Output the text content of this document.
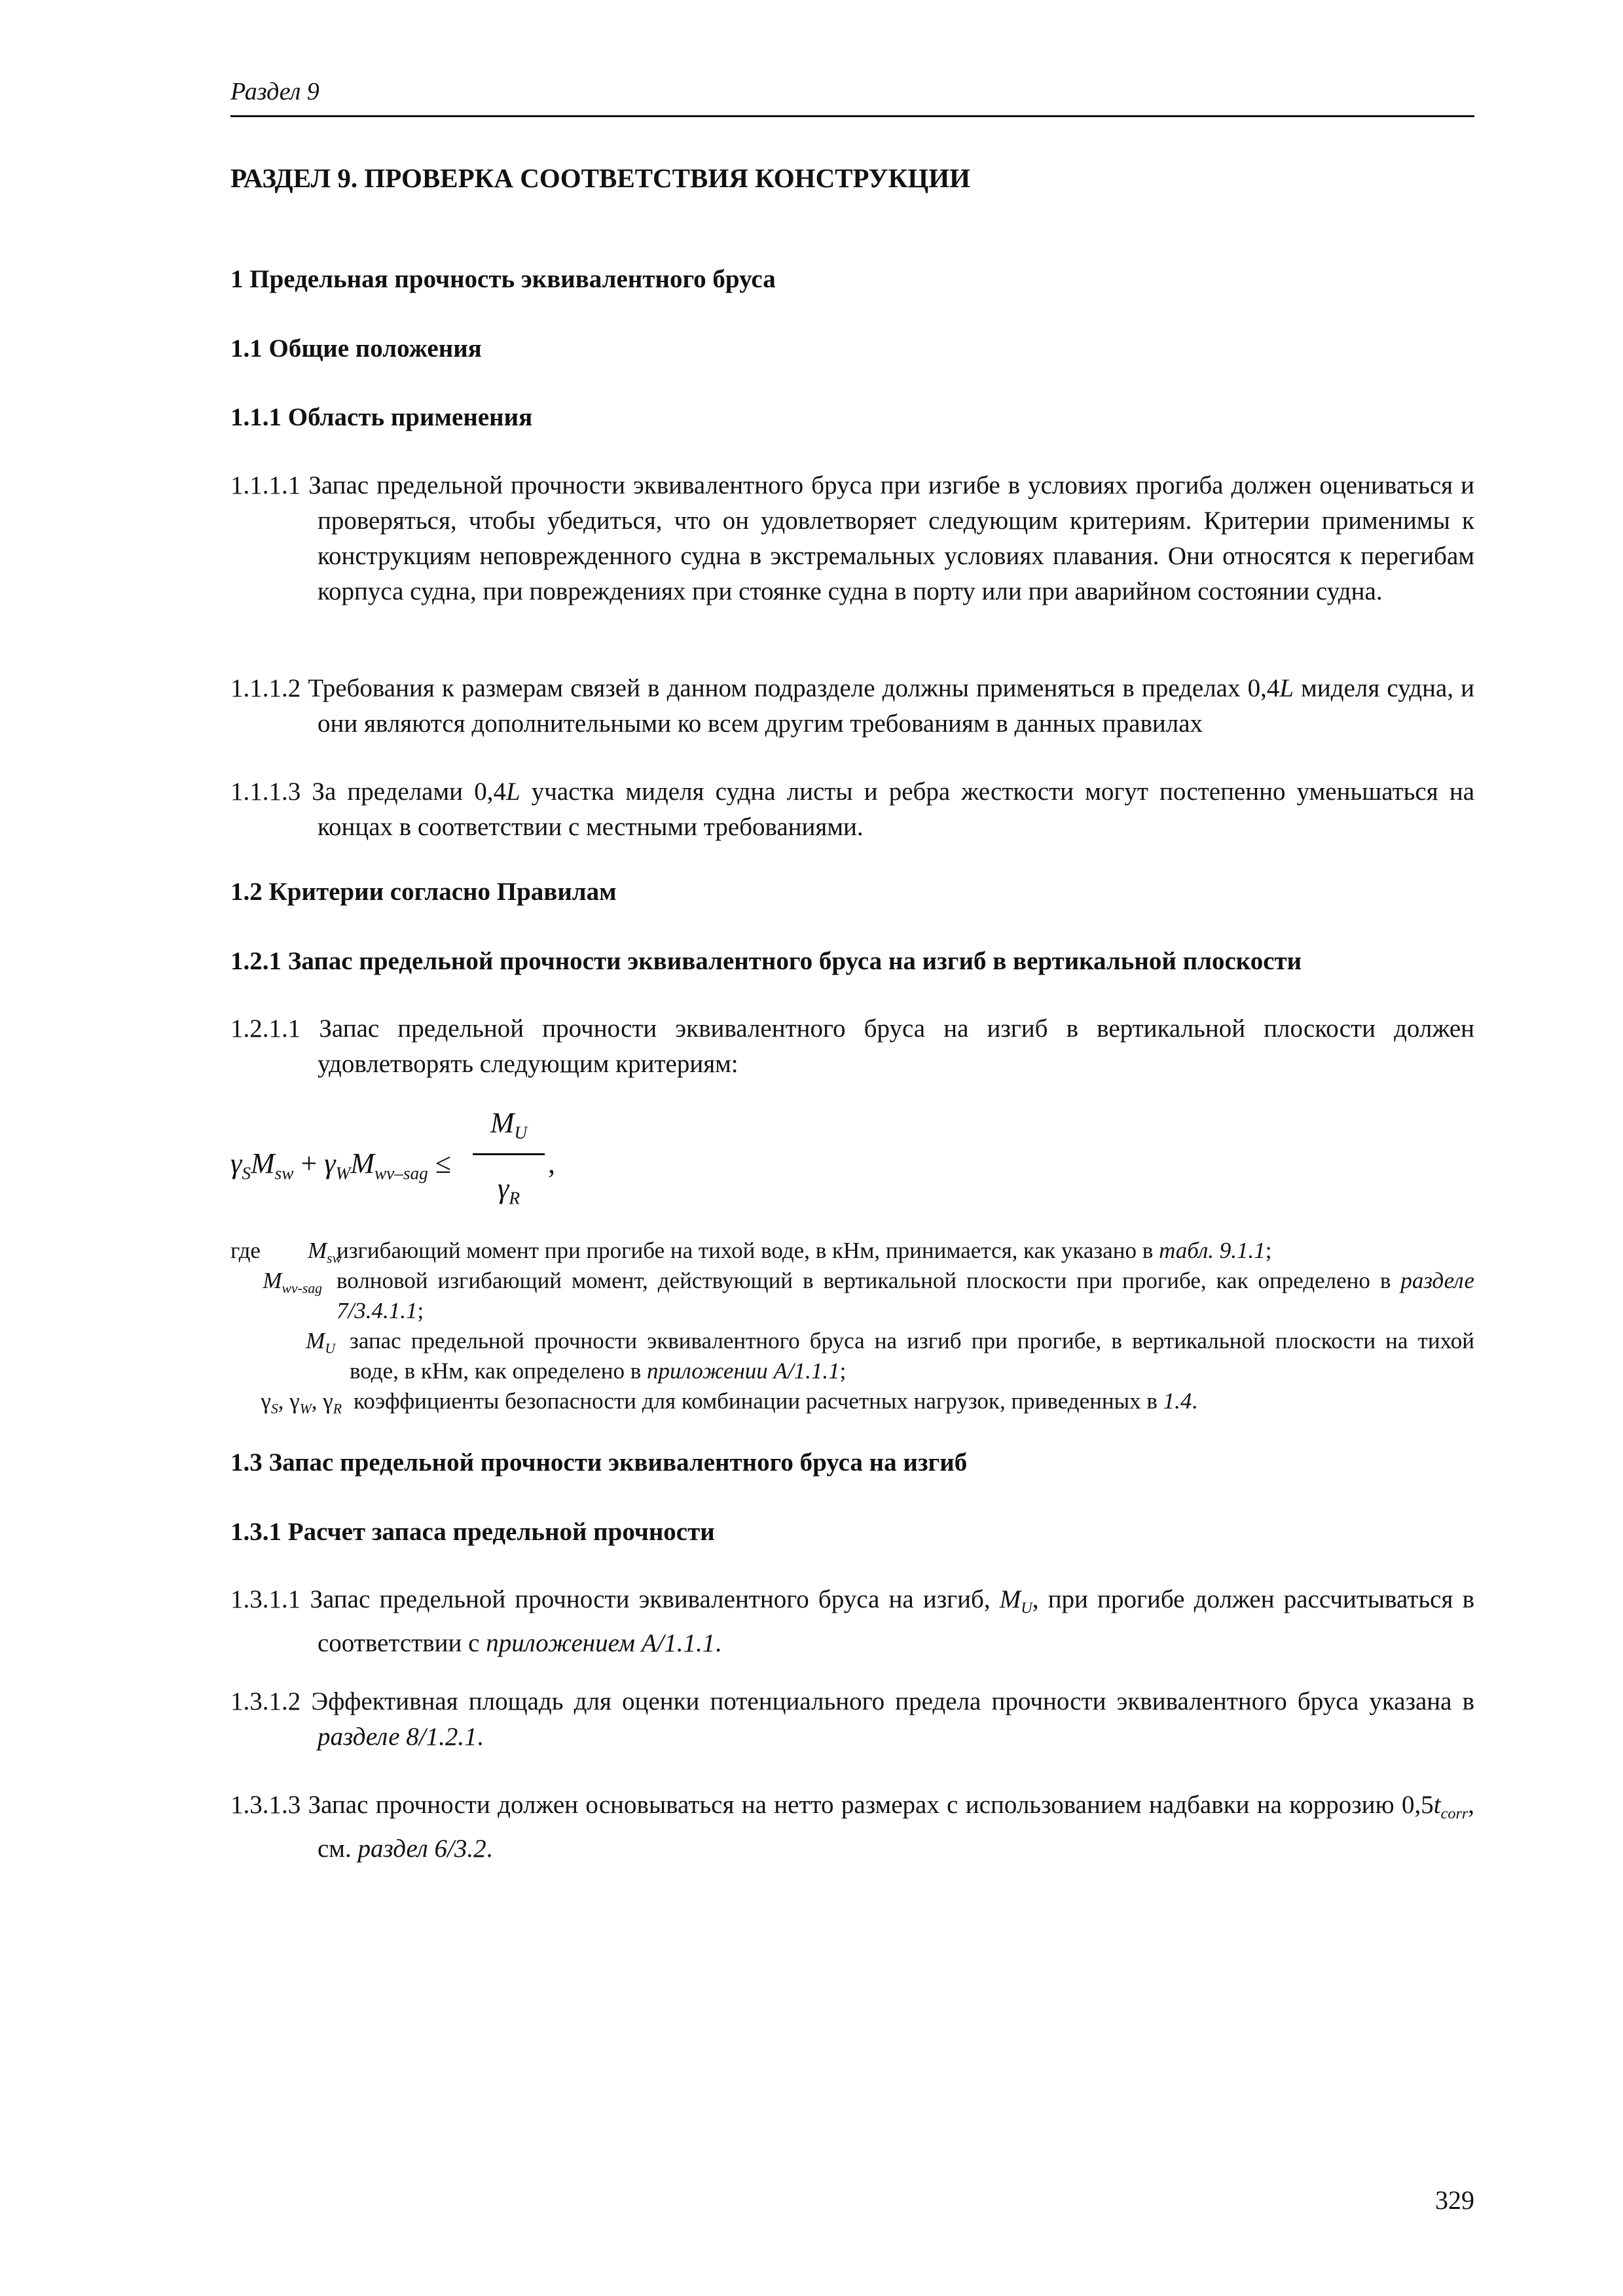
Раздел 9
РАЗДЕЛ 9. ПРОВЕРКА СООТВЕТСТВИЯ КОНСТРУКЦИИ
1 Предельная прочность эквивалентного бруса
1.1 Общие положения
1.1.1 Область применения
1.1.1.1 Запас предельной прочности эквивалентного бруса при изгибе в условиях прогиба должен оцениваться и проверяться, чтобы убедиться, что он удовлетворяет следующим критериям. Критерии применимы к конструкциям неповрежденного судна в экстремальных условиях плавания. Они относятся к перегибам корпуса судна, при повреждениях при стоянке судна в порту или при аварийном состоянии судна.
1.1.1.2 Требования к размерам связей в данном подразделе должны применяться в пределах 0,4L миделя судна, и они являются дополнительными ко всем другим требованиям в данных правилах
1.1.1.3 За пределами 0,4L участка миделя судна листы и ребра жесткости могут постепенно уменьшаться на концах в соответствии с местными требованиями.
1.2 Критерии согласно Правилам
1.2.1 Запас предельной прочности эквивалентного бруса на изгиб в вертикальной плоскости
1.2.1.1 Запас предельной прочности эквивалентного бруса на изгиб в вертикальной плоскости должен удовлетворять следующим критериям:
$\gamma_SM_{sw} + \gamma_WM_{wv-sag}$ ≤
$M_U$
$\gamma_R$
,
где	$M_{sw}$
изгибающий момент при прогибе на тихой воде, в кНм, принимается, как указано в табл. 9.1.1;
$M_{wv-sag}$ волновой изгибающий момент, действующий в вертикальной плоскости при прогибе, как определено в разделе 7/3.4.1.1;
$M_U$ запас предельной прочности эквивалентного бруса на изгиб при прогибе, в вертикальной плоскости на тихой воде, в кНм, как определено в приложении А/1.1.1;
$\gamma_S$, $\gamma_W$, $\gamma_R$ коэффициенты безопасности для комбинации расчетных нагрузок, приведенных в 1.4.
1.3 Запас предельной прочности эквивалентного бруса на изгиб
1.3.1 Расчет запаса предельной прочности
1.3.1.1 Запас предельной прочности эквивалентного бруса на изгиб, $M_U$, при прогибе должен рассчитываться в соответствии с приложением А/1.1.1.
1.3.1.2 Эффективная площадь для оценки потенциального предела прочности эквивалентного бруса указана в разделе 8/1.2.1.
1.3.1.3 Запас прочности должен основываться на нетто размерах с использованием надбавки на коррозию $0,5t_{corr}$, см. раздел 6/3.2.
329
